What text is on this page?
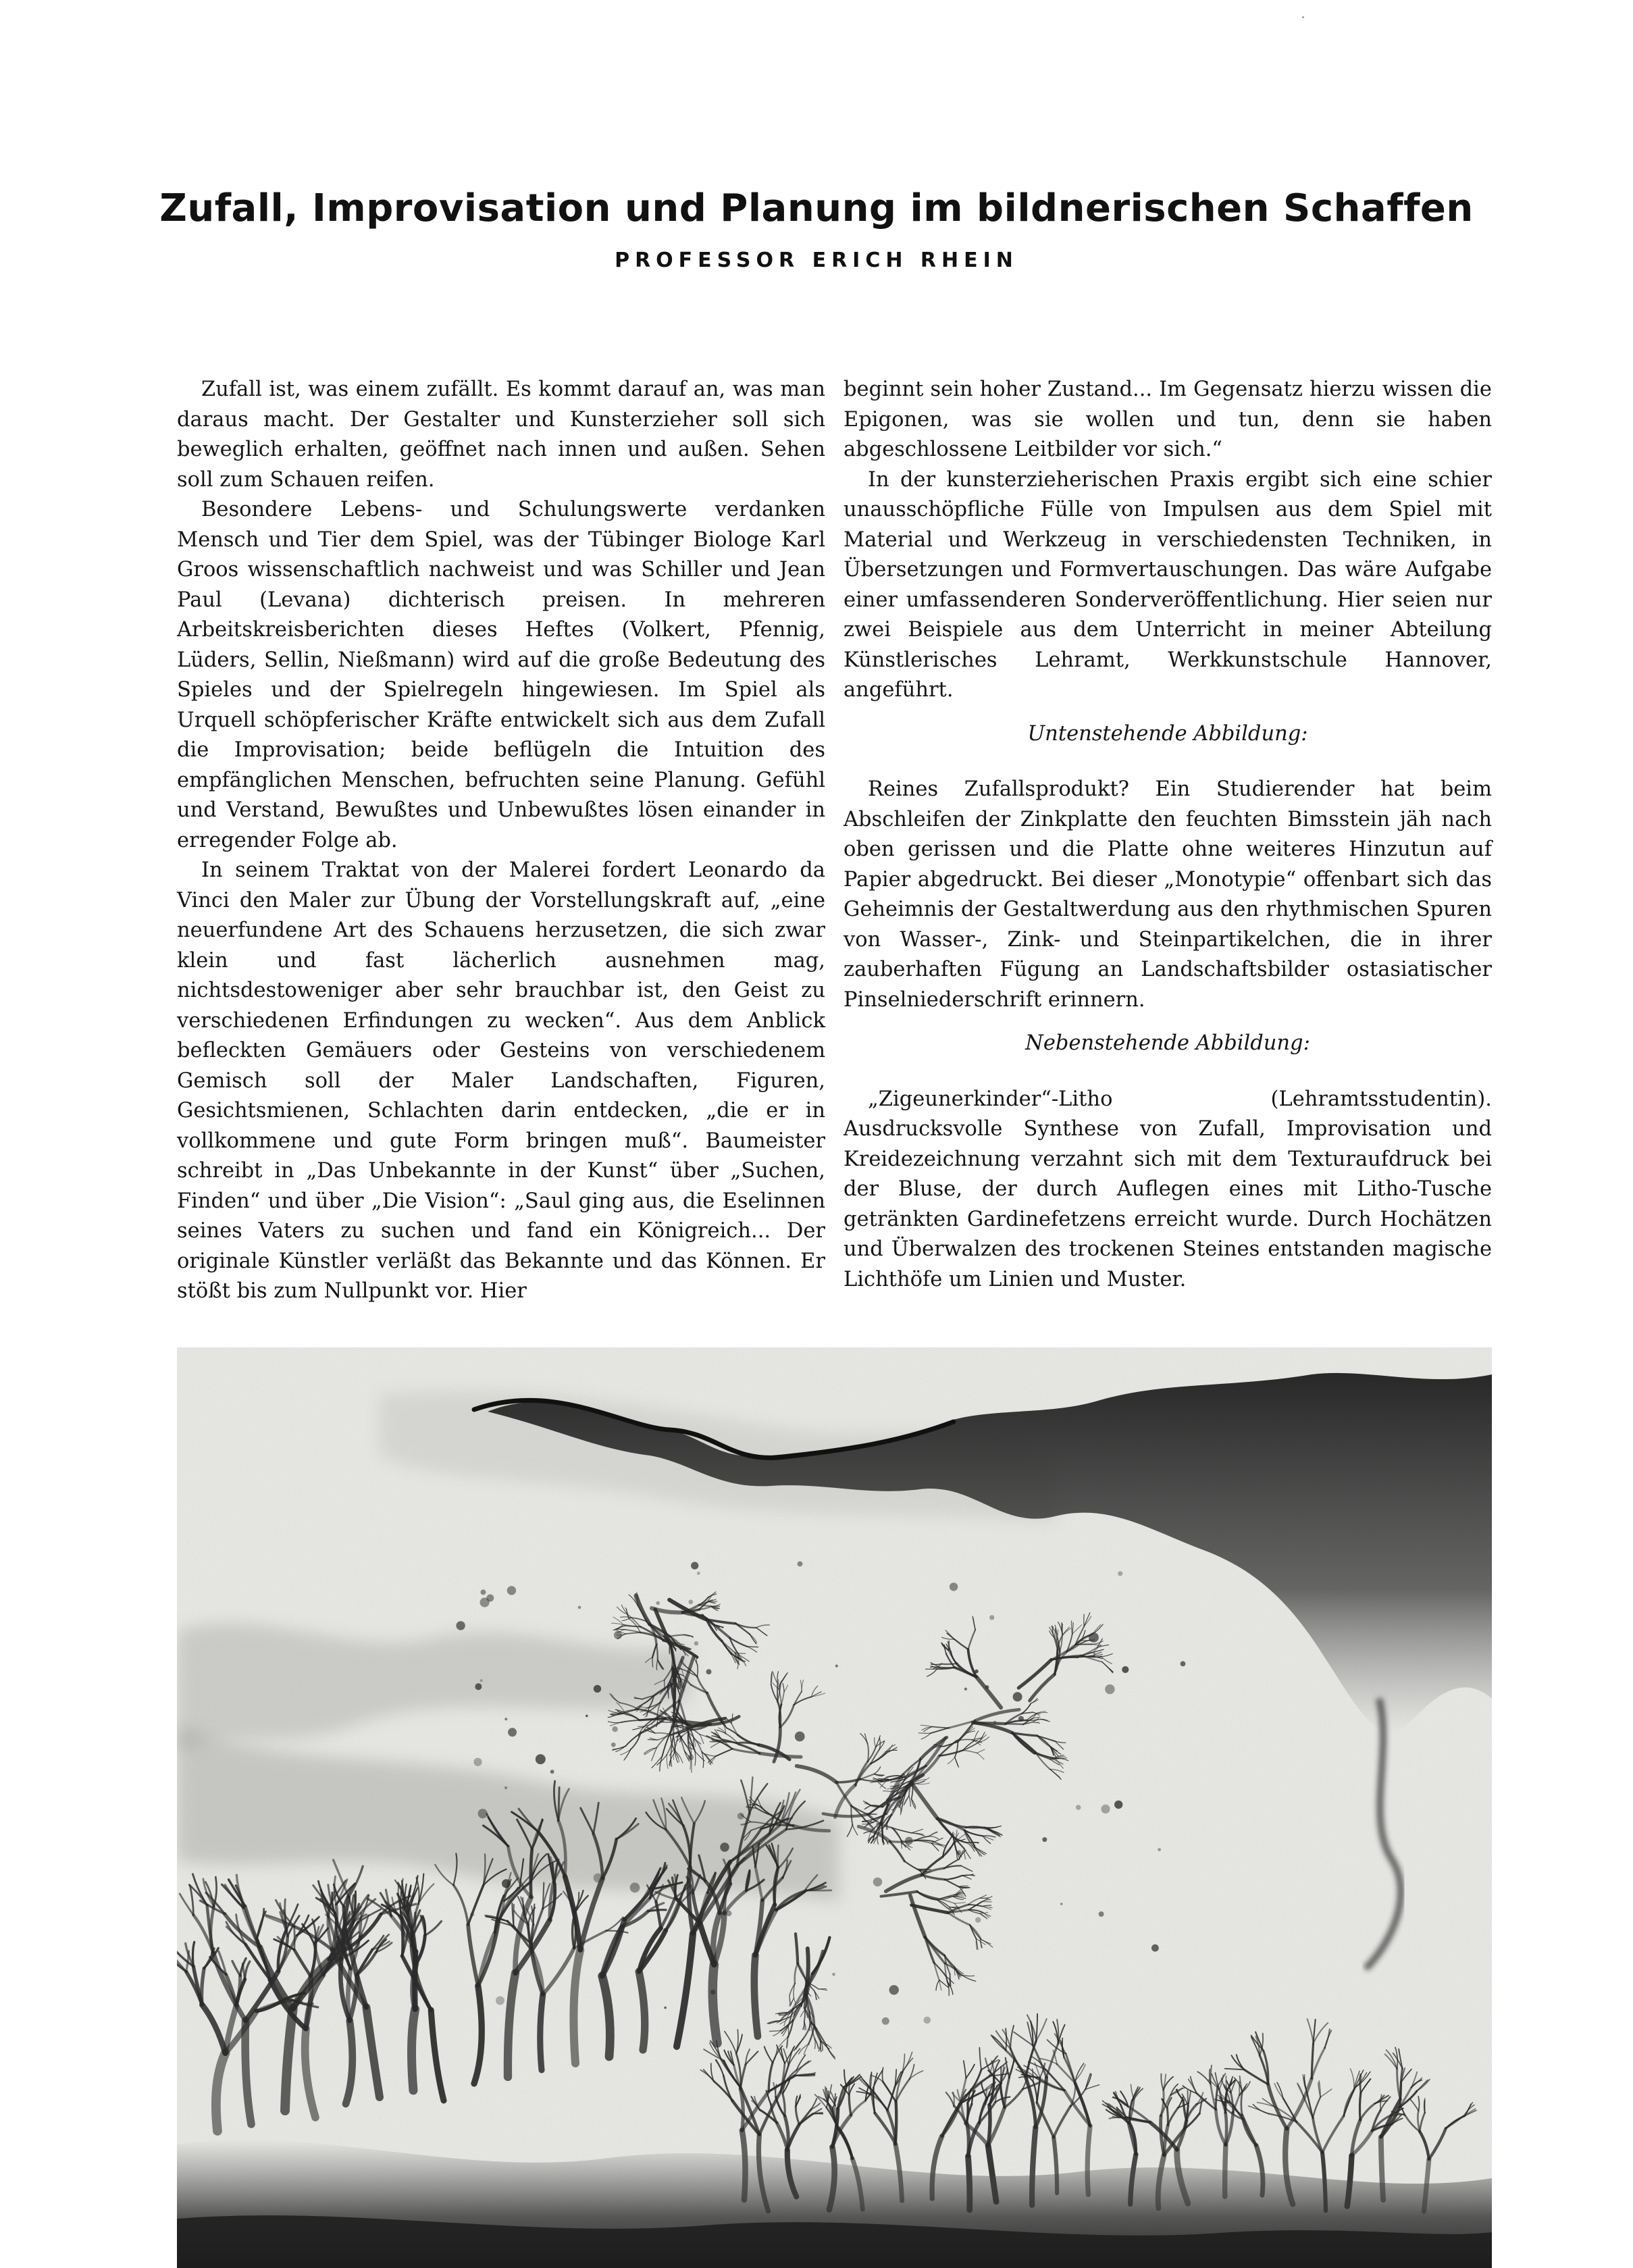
Zufall, Improvisation und Planung im bildnerischen Schaffen
PROFESSOR ERICH RHEIN

Zufall ist, was einem zufällt. Es kommt darauf an, was man daraus macht. Der Gestalter und Kunsterzieher soll sich beweglich erhalten, geöffnet nach innen und außen. Sehen soll zum Schauen reifen.

Besondere Lebens- und Schulungswerte verdanken Mensch und Tier dem Spiel, was der Tübinger Biologe Karl Groos wissenschaftlich nachweist und was Schiller und Jean Paul (Levana) dichterisch preisen. In mehreren Arbeitskreisberichten dieses Heftes (Volkert, Pfennig, Lüders, Sellin, Nießmann) wird auf die große Bedeutung des Spieles und der Spielregeln hingewiesen. Im Spiel als Urquell schöpferischer Kräfte entwickelt sich aus dem Zufall die Improvisation; beide beflügeln die Intuition des empfänglichen Menschen, befruchten seine Planung. Gefühl und Verstand, Bewußtes und Unbewußtes lösen einander in erregender Folge ab.

In seinem Traktat von der Malerei fordert Leonardo da Vinci den Maler zur Übung der Vorstellungskraft auf, „eine neuerfundene Art des Schauens herzusetzen, die sich zwar klein und fast lächerlich ausnehmen mag, nichtsdestoweniger aber sehr brauchbar ist, den Geist zu verschiedenen Erfindungen zu wecken“. Aus dem Anblick befleckten Gemäuers oder Gesteins von verschiedenem Gemisch soll der Maler Landschaften, Figuren, Gesichtsmienen, Schlachten darin entdecken, „die er in vollkommene und gute Form bringen muß“. Baumeister schreibt in „Das Unbekannte in der Kunst“ über „Suchen, Finden“ und über „Die Vision“: „Saul ging aus, die Eselinnen seines Vaters zu suchen und fand ein Königreich... Der originale Künstler verläßt das Bekannte und das Können. Er stößt bis zum Nullpunkt vor. Hier

beginnt sein hoher Zustand... Im Gegensatz hierzu wissen die Epigonen, was sie wollen und tun, denn sie haben abgeschlossene Leitbilder vor sich.“

In der kunsterzieherischen Praxis ergibt sich eine schier unausschöpfliche Fülle von Impulsen aus dem Spiel mit Material und Werkzeug in verschiedensten Techniken, in Übersetzungen und Formvertauschungen. Das wäre Aufgabe einer umfassenderen Sonderveröffentlichung. Hier seien nur zwei Beispiele aus dem Unterricht in meiner Abteilung Künstlerisches Lehramt, Werkkunstschule Hannover, angeführt.

Untenstehende Abbildung:

Reines Zufallsprodukt? Ein Studierender hat beim Abschleifen der Zinkplatte den feuchten Bimsstein jäh nach oben gerissen und die Platte ohne weiteres Hinzutun auf Papier abgedruckt. Bei dieser „Monotypie“ offenbart sich das Geheimnis der Gestaltwerdung aus den rhythmischen Spuren von Wasser-, Zink- und Steinpartikelchen, die in ihrer zauberhaften Fügung an Landschaftsbilder ostasiatischer Pinselniederschrift erinnern.

Nebenstehende Abbildung:

„Zigeunerkinder“-Litho (Lehramtsstudentin). Ausdrucksvolle Synthese von Zufall, Improvisation und Kreidezeichnung verzahnt sich mit dem Texturaufdruck bei der Bluse, der durch Auflegen eines mit Litho-Tusche getränkten Gardinefetzens erreicht wurde. Durch Hochätzen und Überwalzen des trockenen Steines entstanden magische Lichthöfe um Linien und Muster.
